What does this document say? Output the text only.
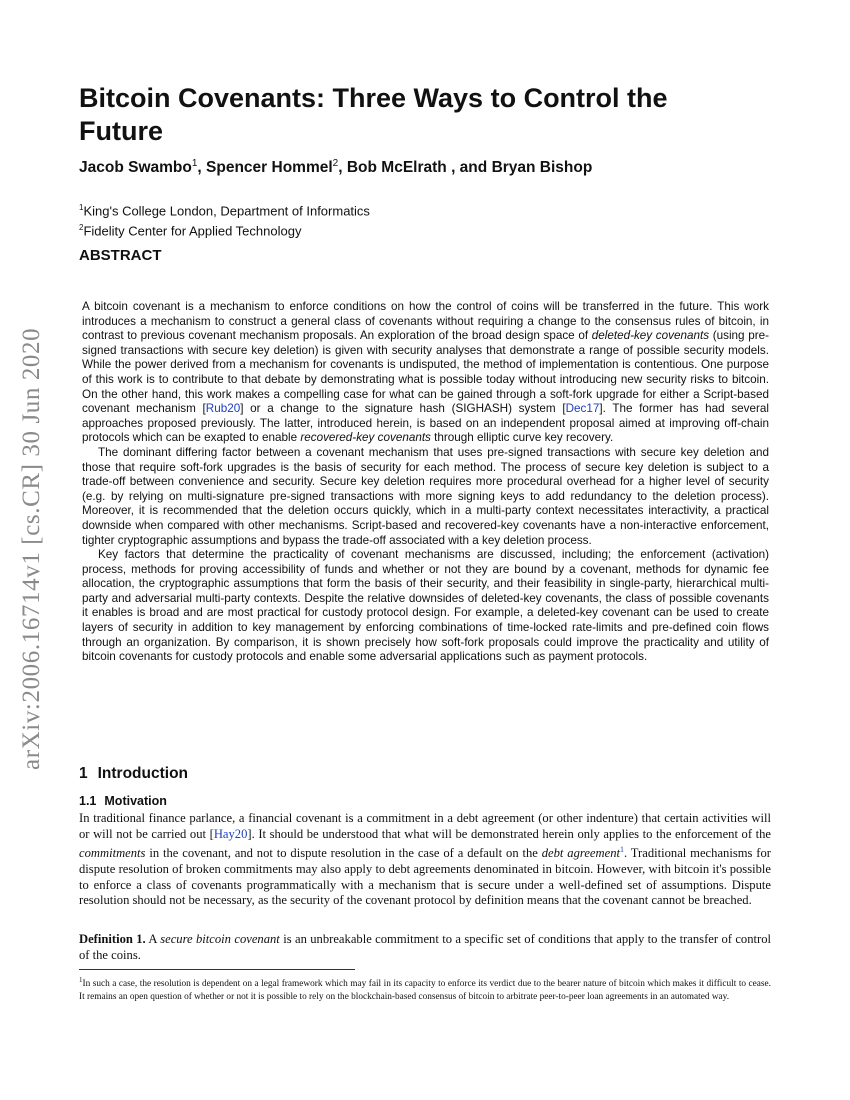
arXiv:2006.16714v1 [cs.CR] 30 Jun 2020
Bitcoin Covenants: Three Ways to Control the Future
Jacob Swambo$^1$, Spencer Hommel$^2$, Bob McElrath , and Bryan Bishop
$^1$King's College London, Department of Informatics
$^2$Fidelity Center for Applied Technology
ABSTRACT

A bitcoin covenant is a mechanism to enforce conditions on how the control of coins will be transferred in the future. This work introduces a mechanism to construct a general class of covenants without requiring a change to the consensus rules of bitcoin, in contrast to previous covenant mechanism proposals. An exploration of the broad design space of deleted-key covenants (using pre-signed transactions with secure key deletion) is given with security analyses that demonstrate a range of possible security models. While the power derived from a mechanism for covenants is undisputed, the method of implementation is contentious. One purpose of this work is to contribute to that debate by demonstrating what is possible today without introducing new security risks to bitcoin. On the other hand, this work makes a compelling case for what can be gained through a soft-fork upgrade for either a Script-based covenant mechanism [Rub20] or a change to the signature hash (SIGHASH) system [Dec17]. The former has had several approaches proposed previously. The latter, introduced herein, is based on an independent proposal aimed at improving off-chain protocols which can be exapted to enable recovered-key covenants through elliptic curve key recovery.

The dominant differing factor between a covenant mechanism that uses pre-signed transactions with secure key deletion and those that require soft-fork upgrades is the basis of security for each method. The process of secure key deletion is subject to a trade-off between convenience and security. Secure key deletion requires more procedural overhead for a higher level of security (e.g. by relying on multi-signature pre-signed transactions with more signing keys to add redundancy to the deletion process). Moreover, it is recommended that the deletion occurs quickly, which in a multi-party context necessitates interactivity, a practical downside when compared with other mechanisms. Script-based and recovered-key covenants have a non-interactive enforcement, tighter cryptographic assumptions and bypass the trade-off associated with a key deletion process.

Key factors that determine the practicality of covenant mechanisms are discussed, including; the enforcement (activation) process, methods for proving accessibility of funds and whether or not they are bound by a covenant, methods for dynamic fee allocation, the cryptographic assumptions that form the basis of their security, and their feasibility in single-party, hierarchical multi-party and adversarial multi-party contexts. Despite the relative downsides of deleted-key covenants, the class of possible covenants it enables is broad and are most practical for custody protocol design. For example, a deleted-key covenant can be used to create layers of security in addition to key management by enforcing combinations of time-locked rate-limits and pre-defined coin flows through an organization. By comparison, it is shown precisely how soft-fork proposals could improve the practicality and utility of bitcoin covenants for custody protocols and enable some adversarial applications such as payment protocols.

1 Introduction
1.1 Motivation

In traditional finance parlance, a financial covenant is a commitment in a debt agreement (or other indenture) that certain activities will or will not be carried out [Hay20]. It should be understood that what will be demonstrated herein only applies to the enforcement of the commitments in the covenant, and not to dispute resolution in the case of a default on the debt agreement$^1$. Traditional mechanisms for dispute resolution of broken commitments may also apply to debt agreements denominated in bitcoin. However, with bitcoin it's possible to enforce a class of covenants programmatically with a mechanism that is secure under a well-defined set of assumptions. Dispute resolution should not be necessary, as the security of the covenant protocol by definition means that the covenant cannot be breached.

Definition 1. A secure bitcoin covenant is an unbreakable commitment to a specific set of conditions that apply to the transfer of control of the coins.

$^1$In such a case, the resolution is dependent on a legal framework which may fail in its capacity to enforce its verdict due to the bearer nature of bitcoin which makes it difficult to cease. It remains an open question of whether or not it is possible to rely on the blockchain-based consensus of bitcoin to arbitrate peer-to-peer loan agreements in an automated way.
